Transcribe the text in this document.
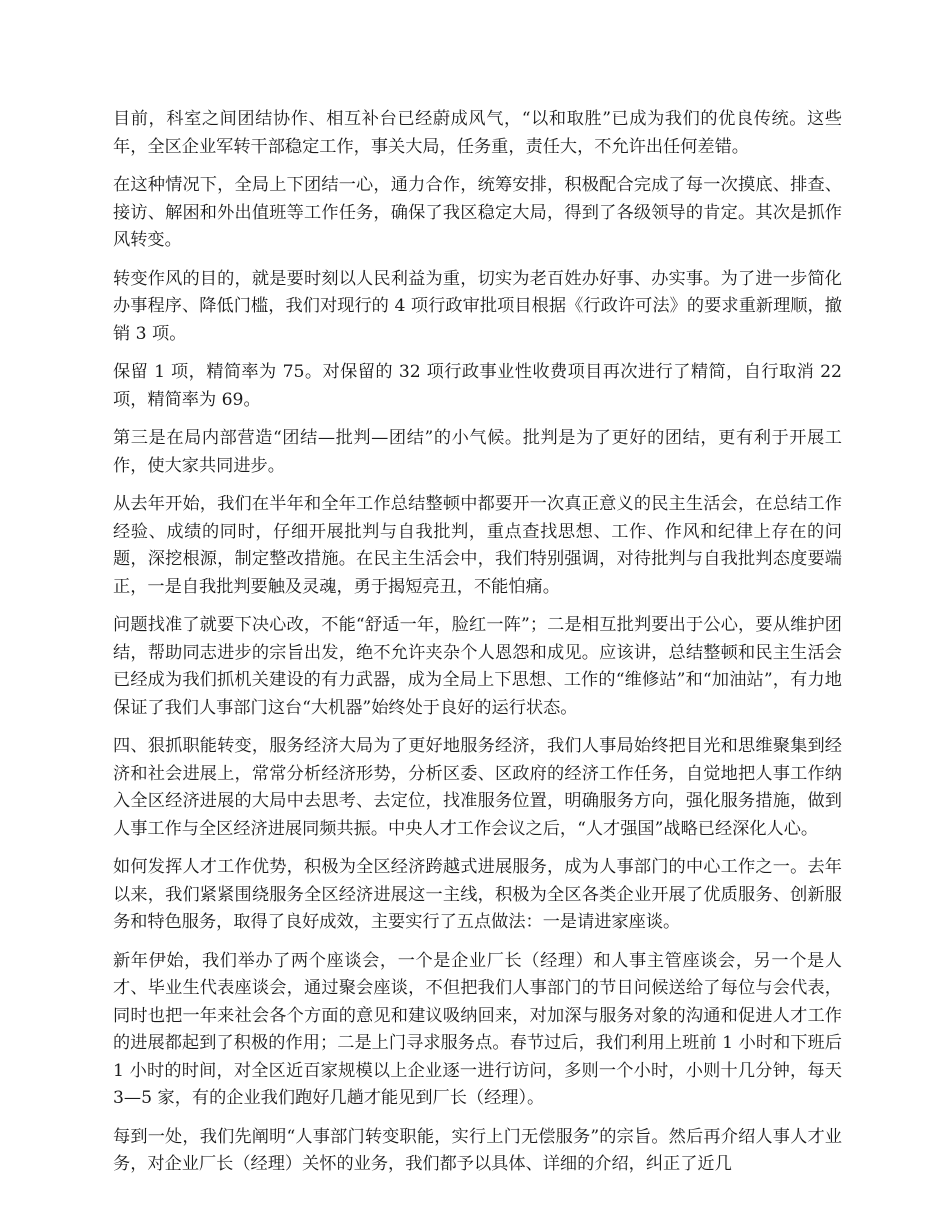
目前，科室之间团结协作、相互补台已经蔚成风气，“以和取胜”已成为我们的优良传统。这些年，全区企业军转干部稳定工作，事关大局，任务重，责任大，不允许出任何差错。

在这种情况下，全局上下团结一心，通力合作，统筹安排，积极配合完成了每一次摸底、排查、接访、解困和外出值班等工作任务，确保了我区稳定大局，得到了各级领导的肯定。其次是抓作风转变。

转变作风的目的，就是要时刻以人民利益为重，切实为老百姓办好事、办实事。为了进一步简化办事程序、降低门槛，我们对现行的 4 项行政审批项目根据《行政许可法》的要求重新理顺，撤销 3 项。

保留 1 项，精简率为 75。对保留的 32 项行政事业性收费项目再次进行了精简，自行取消 22 项，精简率为 69。

第三是在局内部营造“团结—批判—团结”的小气候。批判是为了更好的团结，更有利于开展工作，使大家共同进步。

从去年开始，我们在半年和全年工作总结整顿中都要开一次真正意义的民主生活会，在总结工作经验、成绩的同时，仔细开展批判与自我批判，重点查找思想、工作、作风和纪律上存在的问题，深挖根源，制定整改措施。在民主生活会中，我们特别强调，对待批判与自我批判态度要端正，一是自我批判要触及灵魂，勇于揭短亮丑，不能怕痛。

问题找准了就要下决心改，不能“舒适一年，脸红一阵”；二是相互批判要出于公心，要从维护团结，帮助同志进步的宗旨出发，绝不允许夹杂个人恩怨和成见。应该讲，总结整顿和民主生活会已经成为我们抓机关建设的有力武器，成为全局上下思想、工作的“维修站”和“加油站”，有力地保证了我们人事部门这台“大机器”始终处于良好的运行状态。

四、狠抓职能转变，服务经济大局为了更好地服务经济，我们人事局始终把目光和思维聚集到经济和社会进展上，常常分析经济形势，分析区委、区政府的经济工作任务，自觉地把人事工作纳入全区经济进展的大局中去思考、去定位，找准服务位置，明确服务方向，强化服务措施，做到人事工作与全区经济进展同频共振。中央人才工作会议之后，“人才强国”战略已经深化人心。

如何发挥人才工作优势，积极为全区经济跨越式进展服务，成为人事部门的中心工作之一。去年以来，我们紧紧围绕服务全区经济进展这一主线，积极为全区各类企业开展了优质服务、创新服务和特色服务，取得了良好成效，主要实行了五点做法：一是请进家座谈。

新年伊始，我们举办了两个座谈会，一个是企业厂长（经理）和人事主管座谈会，另一个是人才、毕业生代表座谈会，通过聚会座谈，不但把我们人事部门的节日问候送给了每位与会代表，同时也把一年来社会各个方面的意见和建议吸纳回来，对加深与服务对象的沟通和促进人才工作的进展都起到了积极的作用；二是上门寻求服务点。春节过后，我们利用上班前 1 小时和下班后 1 小时的时间，对全区近百家规模以上企业逐一进行访问，多则一个小时，小则十几分钟，每天 3—5 家，有的企业我们跑好几趟才能见到厂长（经理）。

每到一处，我们先阐明“人事部门转变职能，实行上门无偿服务”的宗旨。然后再介绍人事人才业务，对企业厂长（经理）关怀的业务，我们都予以具体、详细的介绍，纠正了近几
